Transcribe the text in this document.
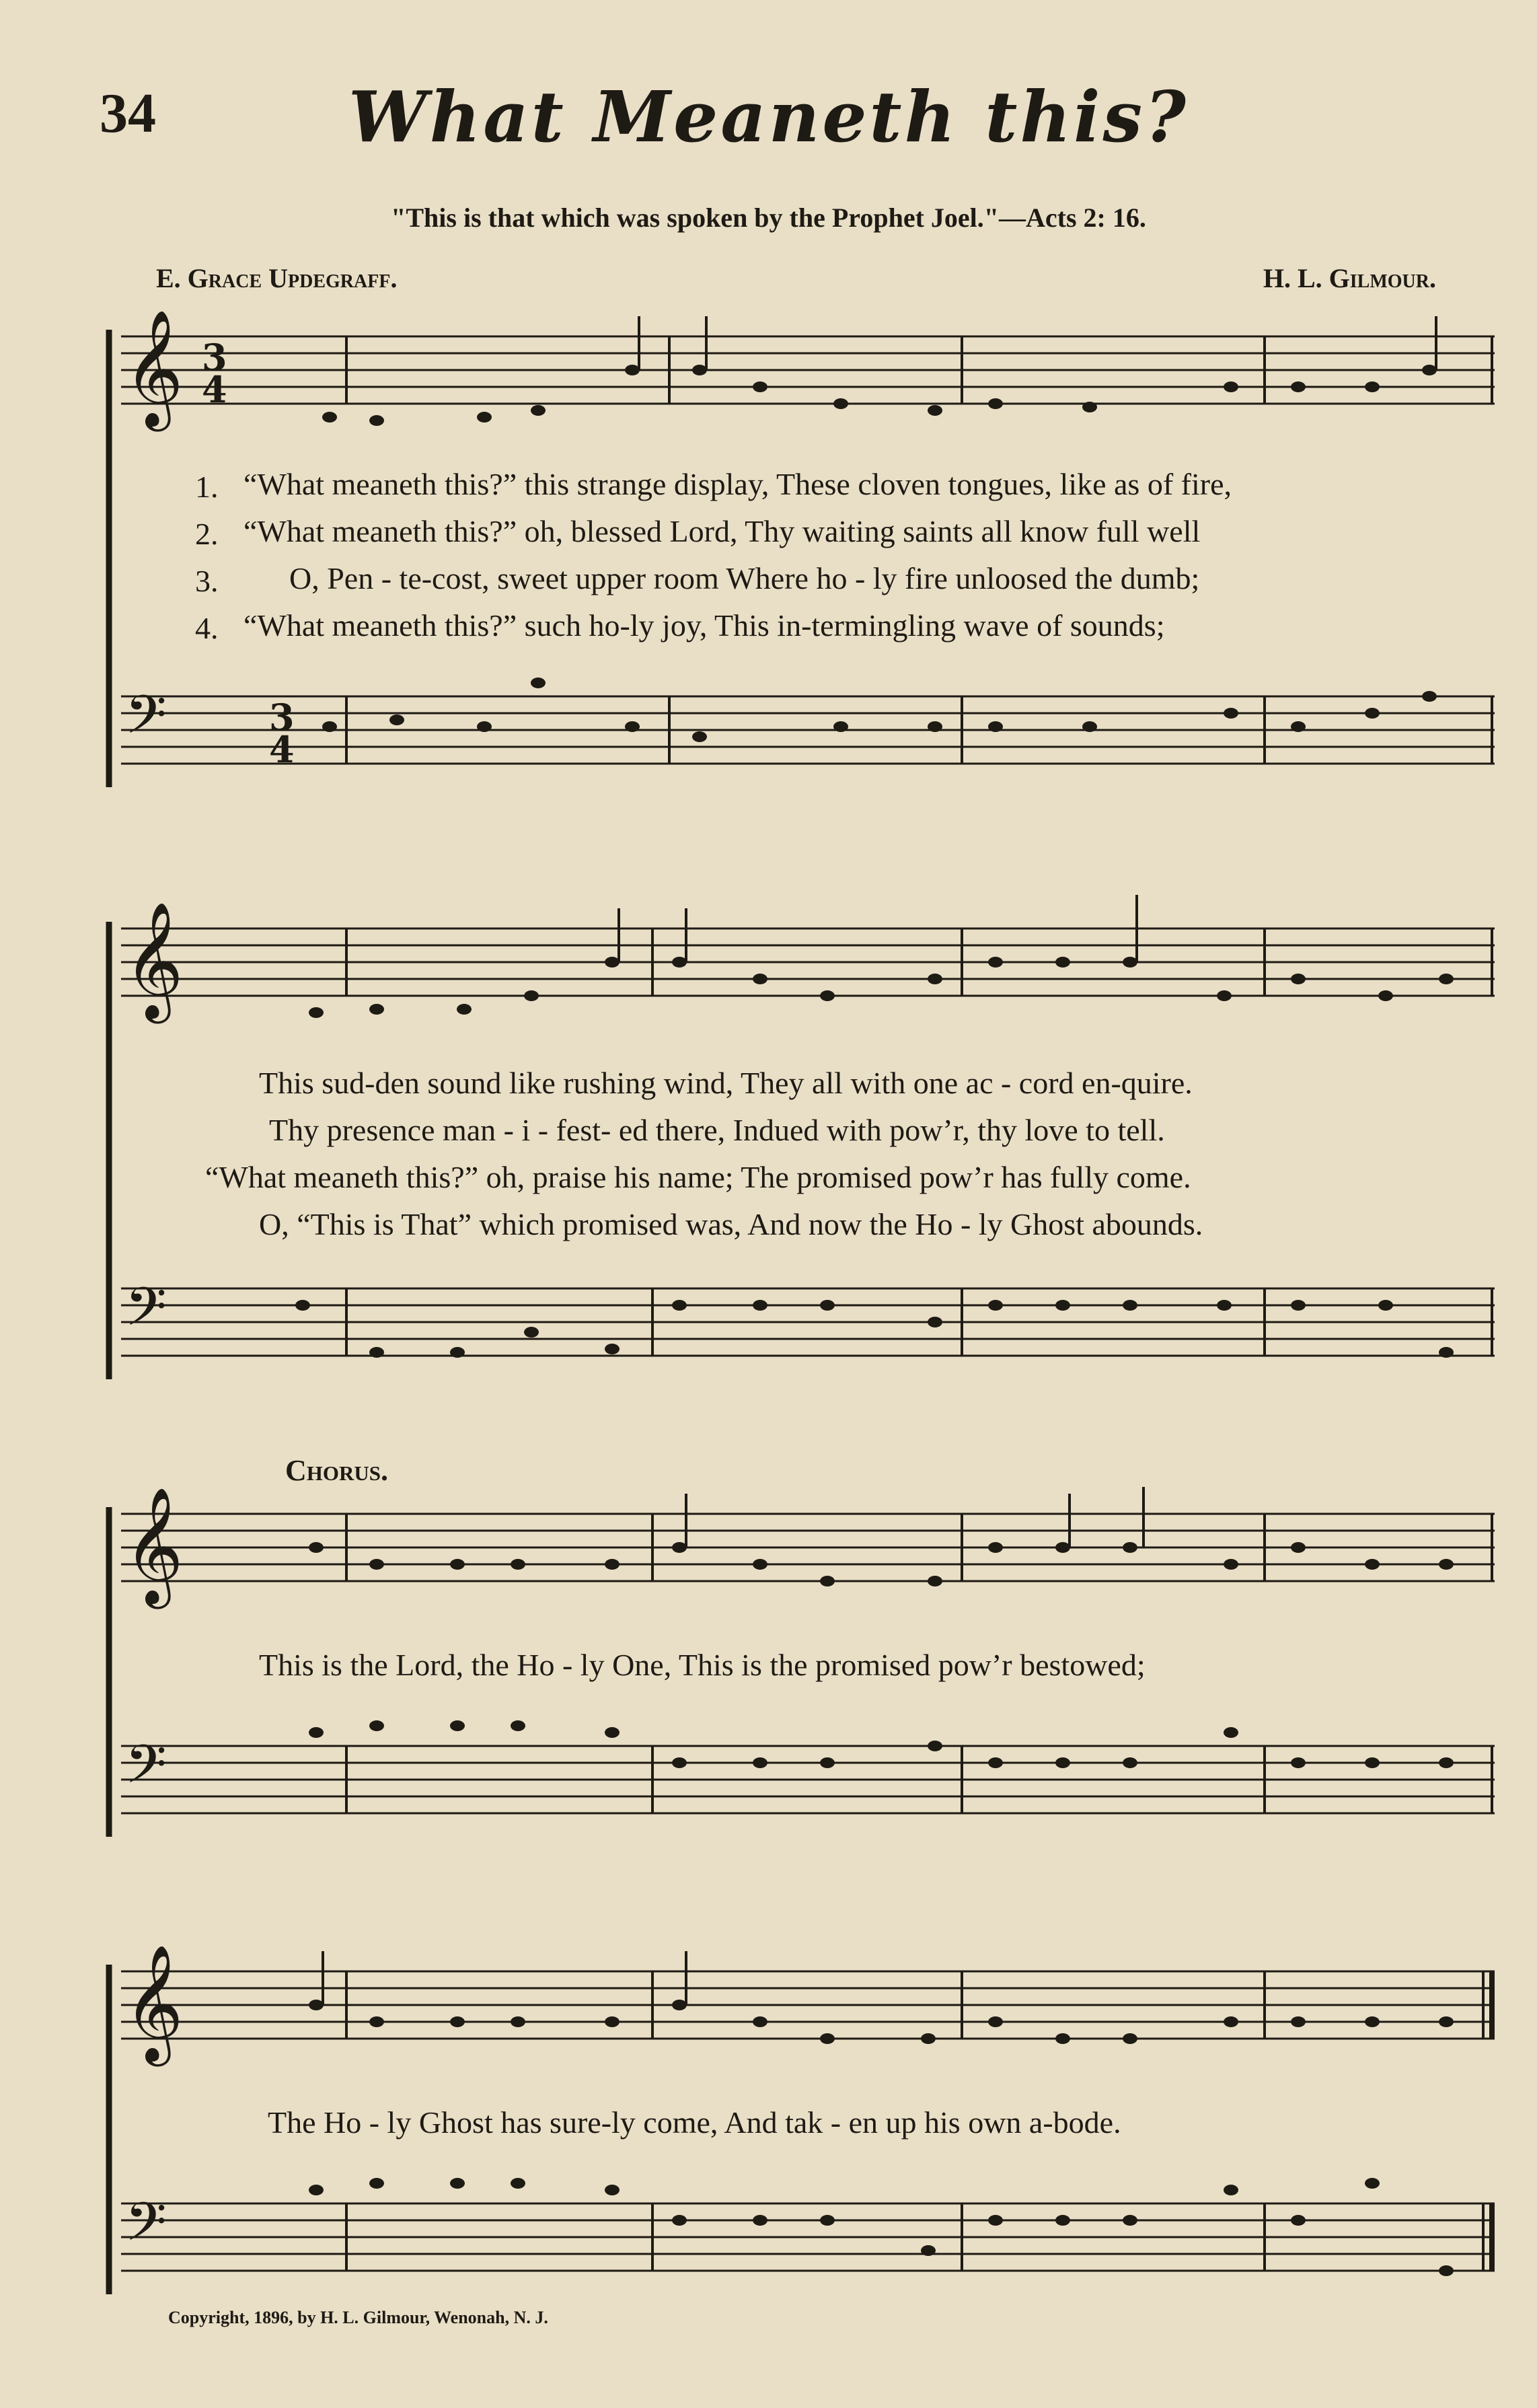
34	What Meaneth this?
"This is that which was spoken by the Prophet Joel."—Acts 2: 16.
E. Grace Updegraff.	H. L. Gilmour.
𝄞 3
4
𝄢	3
4
1.
2.
3.
4.
“What meaneth this?” this strange display, These cloven tongues, like as of fire,
“What meaneth this?” oh, blessed Lord, Thy waiting saints all know full well
O, Pen - te-cost, sweet upper room Where ho - ly fire unloosed the dumb;
“What meaneth this?” such ho-ly joy, This in-termingling wave of sounds;
𝄞
𝄢
This sud-den sound like rushing wind, They all with one ac - cord en-quire.
Thy presence man - i - fest- ed there, Indued with pow’r, thy love to tell.
“What meaneth this?” oh, praise his name; The promised pow’r has fully come.
O, “This is That” which promised was, And now the Ho - ly Ghost abounds.
Chorus.
𝄞
𝄢
This is the Lord, the Ho - ly One, This is the promised pow’r bestowed;
𝄞
𝄢
The Ho - ly Ghost has sure-ly come, And tak - en up his own a-bode.
Copyright, 1896, by H. L. Gilmour, Wenonah, N. J.
